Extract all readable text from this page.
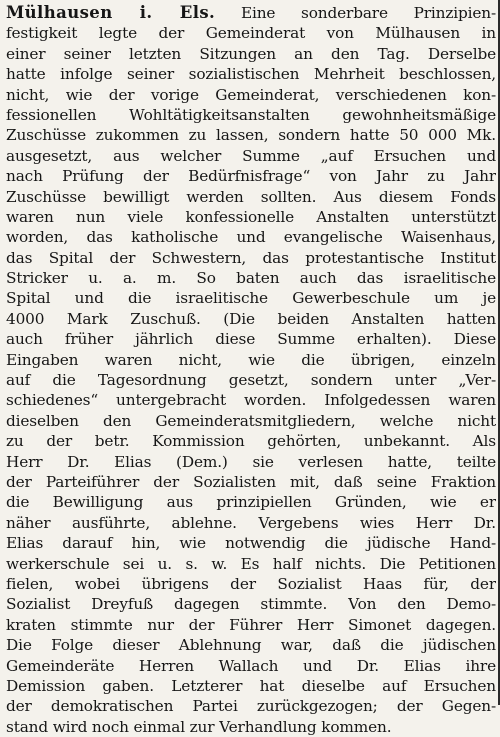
Mülhausen i. Els. Eine sonderbare Prinzipien-
festigkeit legte der Gemeinderat von Mülhausen in
einer seiner letzten Sitzungen an den Tag. Derselbe
hatte infolge seiner sozialistischen Mehrheit beschlossen,
nicht, wie der vorige Gemeinderat, verschiedenen kon-
fessionellen Wohltätigkeitsanstalten gewohnheitsmäßige
Zuschüsse zukommen zu lassen, sondern hatte 50 000 Mk.
ausgesetzt, aus welcher Summe „auf Ersuchen und
nach Prüfung der Bedürfnisfrage“ von Jahr zu Jahr
Zuschüsse bewilligt werden sollten. Aus diesem Fonds
waren nun viele konfessionelle Anstalten unterstützt
worden, das katholische und evangelische Waisenhaus,
das Spital der Schwestern, das protestantische Institut
Stricker u. a. m. So baten auch das israelitische
Spital und die israelitische Gewerbeschule um je
4000 Mark Zuschuß. (Die beiden Anstalten hatten
auch früher jährlich diese Summe erhalten). Diese
Eingaben waren nicht, wie die übrigen, einzeln
auf die Tagesordnung gesetzt, sondern unter „Ver-
schiedenes“ untergebracht worden. Infolgedessen waren
dieselben den Gemeinderatsmitgliedern, welche nicht
zu der betr. Kommission gehörten, unbekannt. Als
Herr Dr. Elias (Dem.) sie verlesen hatte, teilte
der Parteiführer der Sozialisten mit, daß seine Fraktion
die Bewilligung aus prinzipiellen Gründen, wie er
näher ausführte, ablehne. Vergebens wies Herr Dr.
Elias darauf hin, wie notwendig die jüdische Hand-
werkerschule sei u. s. w. Es half nichts. Die Petitionen
fielen, wobei übrigens der Sozialist Haas für, der
Sozialist Dreyfuß dagegen stimmte. Von den Demo-
kraten stimmte nur der Führer Herr Simonet dagegen.
Die Folge dieser Ablehnung war, daß die jüdischen
Gemeinderäte Herren Wallach und Dr. Elias ihre
Demission gaben. Letzterer hat dieselbe auf Ersuchen
der demokratischen Partei zurückgezogen; der Gegen-
stand wird noch einmal zur Verhandlung kommen.
